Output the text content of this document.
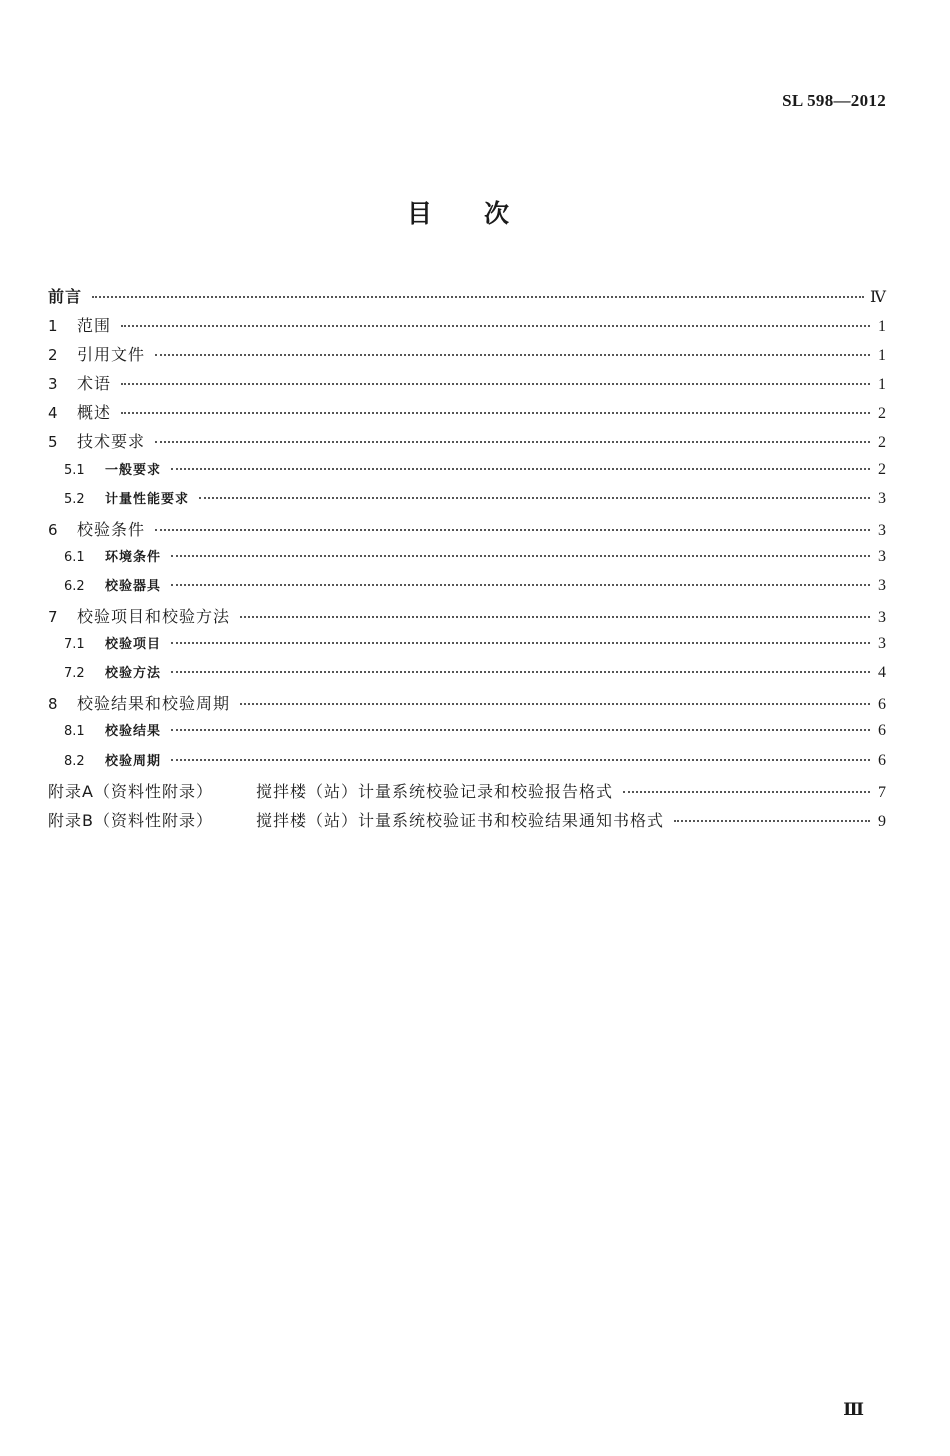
SL 598—2012
目次
前言	Ⅳ
1	范围	1
2	引用文件	1
3	术语	1
4	概述	2
5	技术要求	2
5.1	一般要求	2
5.2	计量性能要求	3
6	校验条件	3
6.1	环境条件	3
6.2	校验器具	3
7	校验项目和校验方法	3
7.1	校验项目	3
7.2	校验方法	4
8	校验结果和校验周期	6
8.1	校验结果	6
8.2	校验周期	6
附录A（资料性附录）	搅拌楼（站）计量系统校验记录和校验报告格式	7
附录B（资料性附录）	搅拌楼（站）计量系统校验证书和校验结果通知书格式	9
Ⅲ
